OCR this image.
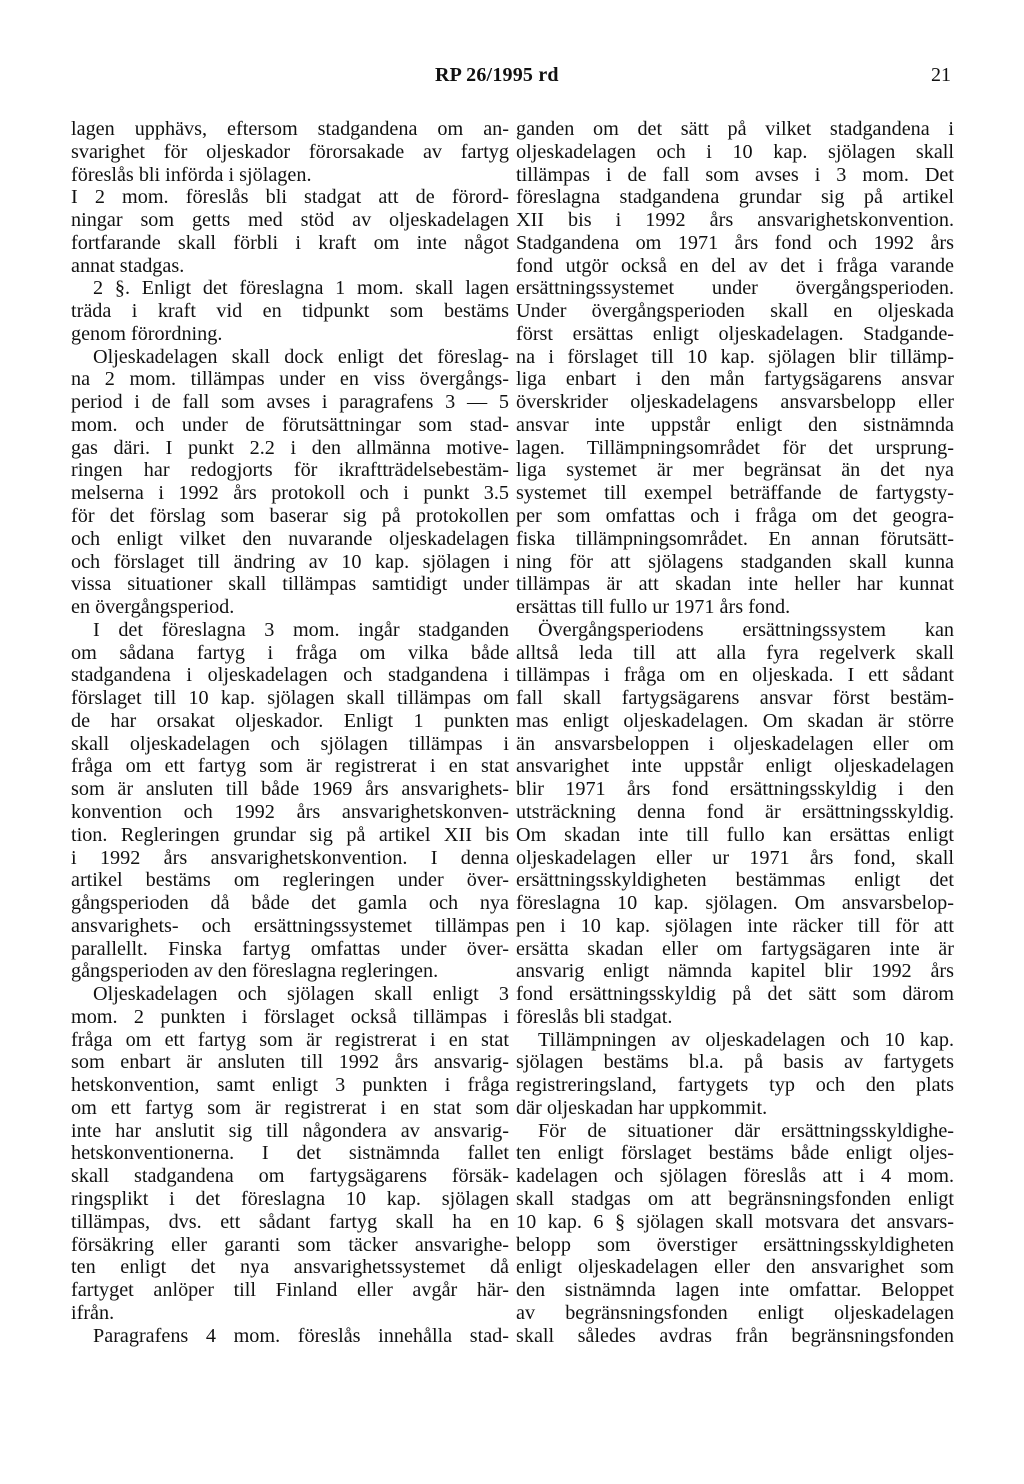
RP 26/1995 rd	21
lagen upphävs, eftersom stadgandena om an-
svarighet för oljeskador förorsakade av fartyg
föreslås bli införda i sjölagen.
I 2 mom. föreslås bli stadgat att de förord-
ningar som getts med stöd av oljeskadelagen
fortfarande skall förbli i kraft om inte något
annat stadgas.
2 §. Enligt det föreslagna 1 mom. skall lagen
träda i kraft vid en tidpunkt som bestäms
genom förordning.
Oljeskadelagen skall dock enligt det föreslag-
na 2 mom. tillämpas under en viss övergångs-
period i de fall som avses i paragrafens 3 — 5
mom. och under de förutsättningar som stad-
gas däri. I punkt 2.2 i den allmänna motive-
ringen har redogjorts för ikraftträdelsebestäm-
melserna i 1992 års protokoll och i punkt 3.5
för det förslag som baserar sig på protokollen
och enligt vilket den nuvarande oljeskadelagen
och förslaget till ändring av 10 kap. sjölagen i
vissa situationer skall tillämpas samtidigt under
en övergångsperiod.
I det föreslagna 3 mom. ingår stadganden
om sådana fartyg i fråga om vilka både
stadgandena i oljeskadelagen och stadgandena i
förslaget till 10 kap. sjölagen skall tillämpas om
de har orsakat oljeskador. Enligt 1 punkten
skall oljeskadelagen och sjölagen tillämpas i
fråga om ett fartyg som är registrerat i en stat
som är ansluten till både 1969 års ansvarighets-
konvention och 1992 års ansvarighetskonven-
tion. Regleringen grundar sig på artikel XII bis
i 1992 års ansvarighetskonvention. I denna
artikel bestäms om regleringen under över-
gångsperioden då både det gamla och nya
ansvarighets- och ersättningssystemet tillämpas
parallellt. Finska fartyg omfattas under över-
gångsperioden av den föreslagna regleringen.
Oljeskadelagen och sjölagen skall enligt 3
mom. 2 punkten i förslaget också tillämpas i
fråga om ett fartyg som är registrerat i en stat
som enbart är ansluten till 1992 års ansvarig-
hetskonvention, samt enligt 3 punkten i fråga
om ett fartyg som är registrerat i en stat som
inte har anslutit sig till någondera av ansvarig-
hetskonventionerna. I det sistnämnda fallet
skall stadgandena om fartygsägarens försäk-
ringsplikt i det föreslagna 10 kap. sjölagen
tillämpas, dvs. ett sådant fartyg skall ha en
försäkring eller garanti som täcker ansvarighe-
ten enligt det nya ansvarighetssystemet då
fartyget anlöper till Finland eller avgår här-
ifrån.
Paragrafens 4 mom. föreslås innehålla stad-
ganden om det sätt på vilket stadgandena i
oljeskadelagen och i 10 kap. sjölagen skall
tillämpas i de fall som avses i 3 mom. Det
föreslagna stadgandena grundar sig på artikel
XII bis i 1992 års ansvarighetskonvention.
Stadgandena om 1971 års fond och 1992 års
fond utgör också en del av det i fråga varande
ersättningssystemet under övergångsperioden.
Under övergångsperioden skall en oljeskada
först ersättas enligt oljeskadelagen. Stadgande-
na i förslaget till 10 kap. sjölagen blir tillämp-
liga enbart i den mån fartygsägarens ansvar
överskrider oljeskadelagens ansvarsbelopp eller
ansvar inte uppstår enligt den sistnämnda
lagen. Tillämpningsområdet för det ursprung-
liga systemet är mer begränsat än det nya
systemet till exempel beträffande de fartygsty-
per som omfattas och i fråga om det geogra-
fiska tillämpningsområdet. En annan förutsätt-
ning för att sjölagens stadganden skall kunna
tillämpas är att skadan inte heller har kunnat
ersättas till fullo ur 1971 års fond.
Övergångsperiodens ersättningssystem kan
alltså leda till att alla fyra regelverk skall
tillämpas i fråga om en oljeskada. I ett sådant
fall skall fartygsägarens ansvar först bestäm-
mas enligt oljeskadelagen. Om skadan är större
än ansvarsbeloppen i oljeskadelagen eller om
ansvarighet inte uppstår enligt oljeskadelagen
blir 1971 års fond ersättningsskyldig i den
utsträckning denna fond är ersättningsskyldig.
Om skadan inte till fullo kan ersättas enligt
oljeskadelagen eller ur 1971 års fond, skall
ersättningsskyldigheten bestämmas enligt det
föreslagna 10 kap. sjölagen. Om ansvarsbelop-
pen i 10 kap. sjölagen inte räcker till för att
ersätta skadan eller om fartygsägaren inte är
ansvarig enligt nämnda kapitel blir 1992 års
fond ersättningsskyldig på det sätt som därom
föreslås bli stadgat.
Tillämpningen av oljeskadelagen och 10 kap.
sjölagen bestäms bl.a. på basis av fartygets
registreringsland, fartygets typ och den plats
där oljeskadan har uppkommit.
För de situationer där ersättningsskyldighe-
ten enligt förslaget bestäms både enligt oljes-
kadelagen och sjölagen föreslås att i 4 mom.
skall stadgas om att begränsningsfonden enligt
10 kap. 6 § sjölagen skall motsvara det ansvars-
belopp som överstiger ersättningsskyldigheten
enligt oljeskadelagen eller den ansvarighet som
den sistnämnda lagen inte omfattar. Beloppet
av begränsningsfonden enligt oljeskadelagen
skall således avdras från begränsningsfonden
